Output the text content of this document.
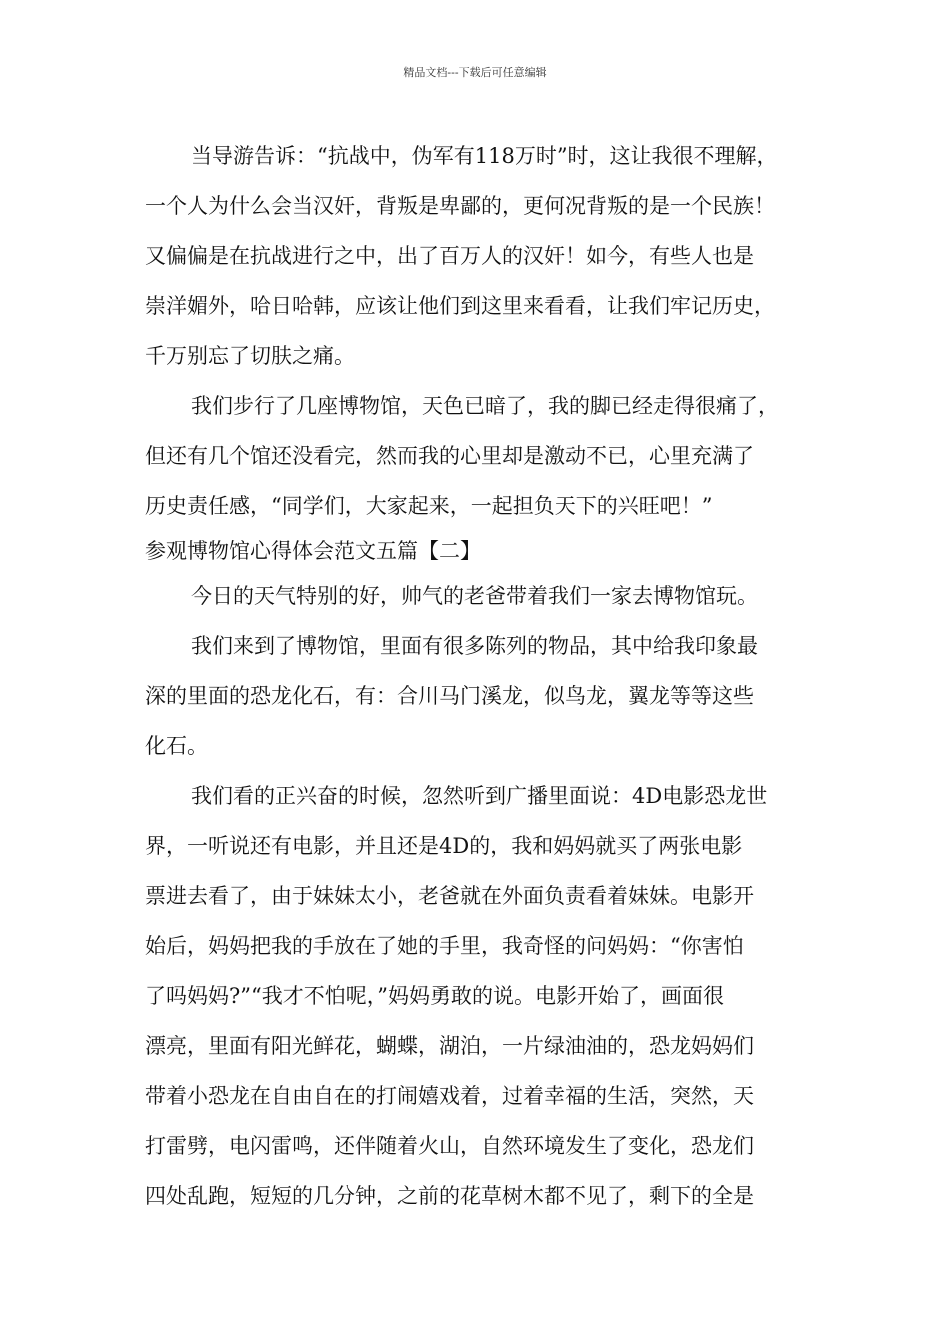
精品文档---下载后可任意编辑
当导游告诉：“抗战中，伪军有118万时”时，这让我很不理解，
一个人为什么会当汉奸，背叛是卑鄙的，更何况背叛的是一个民族！
又偏偏是在抗战进行之中，出了百万人的汉奸！如今，有些人也是
崇洋媚外，哈日哈韩，应该让他们到这里来看看，让我们牢记历史，
千万别忘了切肤之痛。
我们步行了几座博物馆，天色已暗了，我的脚已经走得很痛了，
但还有几个馆还没看完，然而我的心里却是激动不已，心里充满了
历史责任感，“同学们，大家起来，一起担负天下的兴旺吧！”
参观博物馆心得体会范文五篇【二】
今日的天气特别的好，帅气的老爸带着我们一家去博物馆玩。
我们来到了博物馆，里面有很多陈列的物品，其中给我印象最
深的里面的恐龙化石，有：合川马门溪龙，似鸟龙，翼龙等等这些
化石。
我们看的正兴奋的时候，忽然听到广播里面说：4D电影恐龙世
界，一听说还有电影，并且还是4D的，我和妈妈就买了两张电影
票进去看了，由于妹妹太小，老爸就在外面负责看着妹妹。电影开
始后，妈妈把我的手放在了她的手里，我奇怪的问妈妈：“你害怕
了吗妈妈?”“我才不怕呢，”妈妈勇敢的说。电影开始了，画面很
漂亮，里面有阳光鲜花，蝴蝶，湖泊，一片绿油油的，恐龙妈妈们
带着小恐龙在自由自在的打闹嬉戏着，过着幸福的生活，突然，天
打雷劈，电闪雷鸣，还伴随着火山，自然环境发生了变化，恐龙们
四处乱跑，短短的几分钟，之前的花草树木都不见了，剩下的全是
